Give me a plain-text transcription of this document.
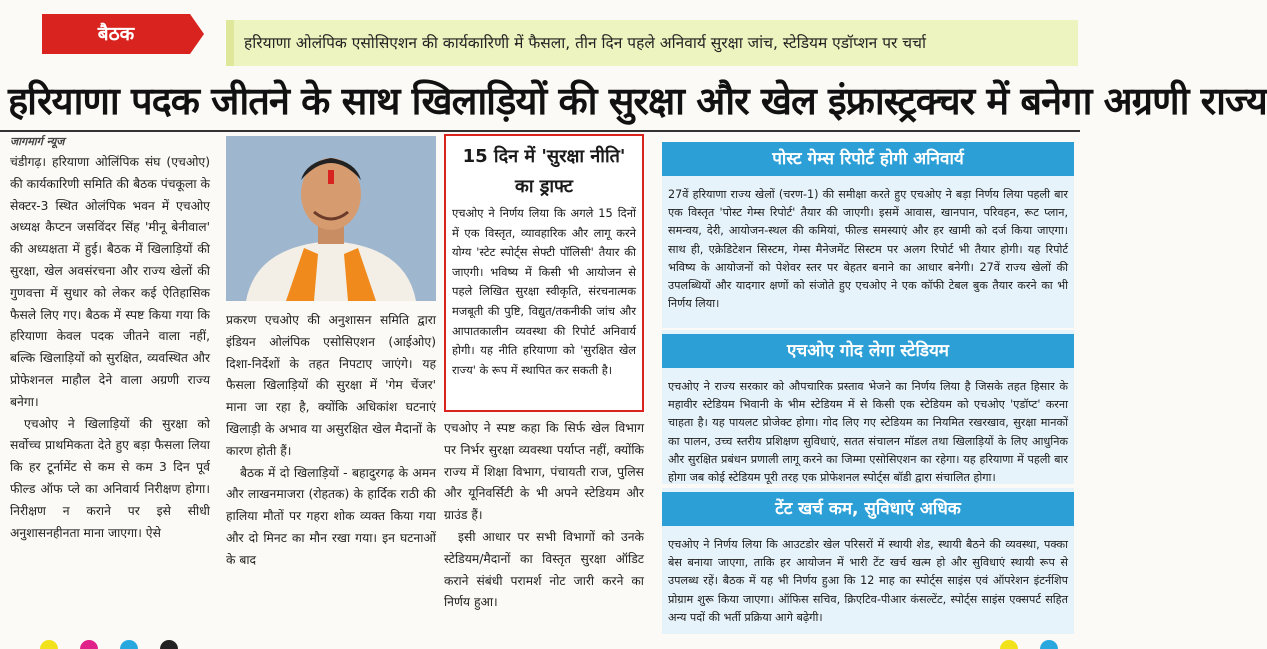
बैठक	हरियाणा ओलंपिक एसोसिएशन की कार्यकारिणी में फैसला, तीन दिन पहले अनिवार्य सुरक्षा जांच, स्टेडियम एडॉप्शन पर चर्चा
हरियाणा पदक जीतने के साथ खिलाड़ियों की सुरक्षा और खेल इंफ्रास्ट्रक्चर में बनेगा अग्रणी राज्य
जागमार्ग न्यूज

चंडीगढ़। हरियाणा ओलिंपिक संघ (एचओए) की कार्यकारिणी समिति की बैठक पंचकूला के सेक्टर-3 स्थित ओलंपिक भवन में एचओए अध्यक्ष कैप्टन जसविंदर सिंह 'मीनू बेनीवाल' की अध्यक्षता में हुई। बैठक में खिलाड़ियों की सुरक्षा, खेल अवसंरचना और राज्य खेलों की गुणवत्ता में सुधार को लेकर कई ऐतिहासिक फैसले लिए गए। बैठक में स्पष्ट किया गया कि हरियाणा केवल पदक जीतने वाला नहीं, बल्कि खिलाड़ियों को सुरक्षित, व्यवस्थित और प्रोफेशनल माहौल देने वाला अग्रणी राज्य बनेगा।

एचओए ने खिलाड़ियों की सुरक्षा को सर्वोच्च प्राथमिकता देते हुए बड़ा फैसला लिया कि हर टूर्नामेंट से कम से कम 3 दिन पूर्व फील्ड ऑफ प्ले का अनिवार्य निरीक्षण होगा। निरीक्षण न कराने पर इसे सीधी अनुशासनहीनता माना जाएगा। ऐसे

प्रकरण एचओए की अनुशासन समिति द्वारा इंडियन ओलंपिक एसोसिएशन (आईओए) दिशा-निर्देशों के तहत निपटाए जाएंगे। यह फैसला खिलाड़ियों की सुरक्षा में 'गेम चेंजर' माना जा रहा है, क्योंकि अधिकांश घटनाएं खिलाड़ी के अभाव या असुरक्षित खेल मैदानों के कारण होती हैं।

बैठक में दो खिलाड़ियों - बहादुरगढ़ के अमन और लाखनमाजरा (रोहतक) के हार्दिक राठी की हालिया मौतों पर गहरा शोक व्यक्त किया गया और दो मिनट का मौन रखा गया। इन घटनाओं के बाद

15 दिन में 'सुरक्षा नीति' का ड्राफ्ट
एचओए ने निर्णय लिया कि अगले 15 दिनों में एक विस्तृत, व्यावहारिक और लागू करने योग्य 'स्टेट स्पोर्ट्स सेफ्टी पॉलिसी' तैयार की जाएगी। भविष्य में किसी भी आयोजन से पहले लिखित सुरक्षा स्वीकृति, संरचनात्मक मजबूती की पुष्टि, विद्युत/तकनीकी जांच और आपातकालीन व्यवस्था की रिपोर्ट अनिवार्य होगी। यह नीति हरियाणा को 'सुरक्षित खेल राज्य' के रूप में स्थापित कर सकती है।

एचओए ने स्पष्ट कहा कि सिर्फ खेल विभाग पर निर्भर सुरक्षा व्यवस्था पर्याप्त नहीं, क्योंकि राज्य में शिक्षा विभाग, पंचायती राज, पुलिस और यूनिवर्सिटी के भी अपने स्टेडियम और ग्राउंड हैं।

इसी आधार पर सभी विभागों को उनके स्टेडियम/मैदानों का विस्तृत सुरक्षा ऑडिट कराने संबंधी परामर्श नोट जारी करने का निर्णय हुआ।

पोस्ट गेम्स रिपोर्ट होगी अनिवार्य
27वें हरियाणा राज्य खेलों (चरण-1) की समीक्षा करते हुए एचओए ने बड़ा निर्णय लिया पहली बार एक विस्तृत 'पोस्ट गेम्स रिपोर्ट' तैयार की जाएगी। इसमें आवास, खानपान, परिवहन, रूट प्लान, समन्वय, देरी, आयोजन-स्थल की कमियां, फील्ड समस्याएं और हर खामी को दर्ज किया जाएगा। साथ ही, एक्रेडिटेशन सिस्टम, गेम्स मैनेजमेंट सिस्टम पर अलग रिपोर्ट भी तैयार होगी। यह रिपोर्ट भविष्य के आयोजनों को पेशेवर स्तर पर बेहतर बनाने का आधार बनेगी। 27वें राज्य खेलों की उपलब्धियों और यादगार क्षणों को संजोते हुए एचओए ने एक कॉफी टेबल बुक तैयार करने का भी निर्णय लिया।
एचओए गोद लेगा स्टेडियम
एचओए ने राज्य सरकार को औपचारिक प्रस्ताव भेजने का निर्णय लिया है जिसके तहत हिसार के महावीर स्टेडियम भिवानी के भीम स्टेडियम में से किसी एक स्टेडियम को एचओए 'एडॉप्ट' करना चाहता है। यह पायलट प्रोजेक्ट होगा। गोद लिए गए स्टेडियम का नियमित रखरखाव, सुरक्षा मानकों का पालन, उच्च स्तरीय प्रशिक्षण सुविधाएं, सतत संचालन मॉडल तथा खिलाड़ियों के लिए आधुनिक और सुरक्षित प्रबंधन प्रणाली लागू करने का जिम्मा एसोसिएशन का रहेगा। यह हरियाणा में पहली बार होगा जब कोई स्टेडियम पूरी तरह एक प्रोफेशनल स्पोर्ट्स बॉडी द्वारा संचालित होगा।
टेंट खर्च कम, सुविधाएं अधिक
एचओए ने निर्णय लिया कि आउटडोर खेल परिसरों में स्थायी शेड, स्थायी बैठने की व्यवस्था, पक्का बेस बनाया जाएगा, ताकि हर आयोजन में भारी टेंट खर्च खत्म हो और सुविधाएं स्थायी रूप से उपलब्ध रहें। बैठक में यह भी निर्णय हुआ कि 12 माह का स्पोर्ट्स साइंस एवं ऑपरेशन इंटर्नशिप प्रोग्राम शुरू किया जाएगा। ऑफिस सचिव, क्रिएटिव-पीआर कंसल्टेंट, स्पोर्ट्स साइंस एक्सपर्ट सहित अन्य पदों की भर्ती प्रक्रिया आगे बढ़ेगी।
